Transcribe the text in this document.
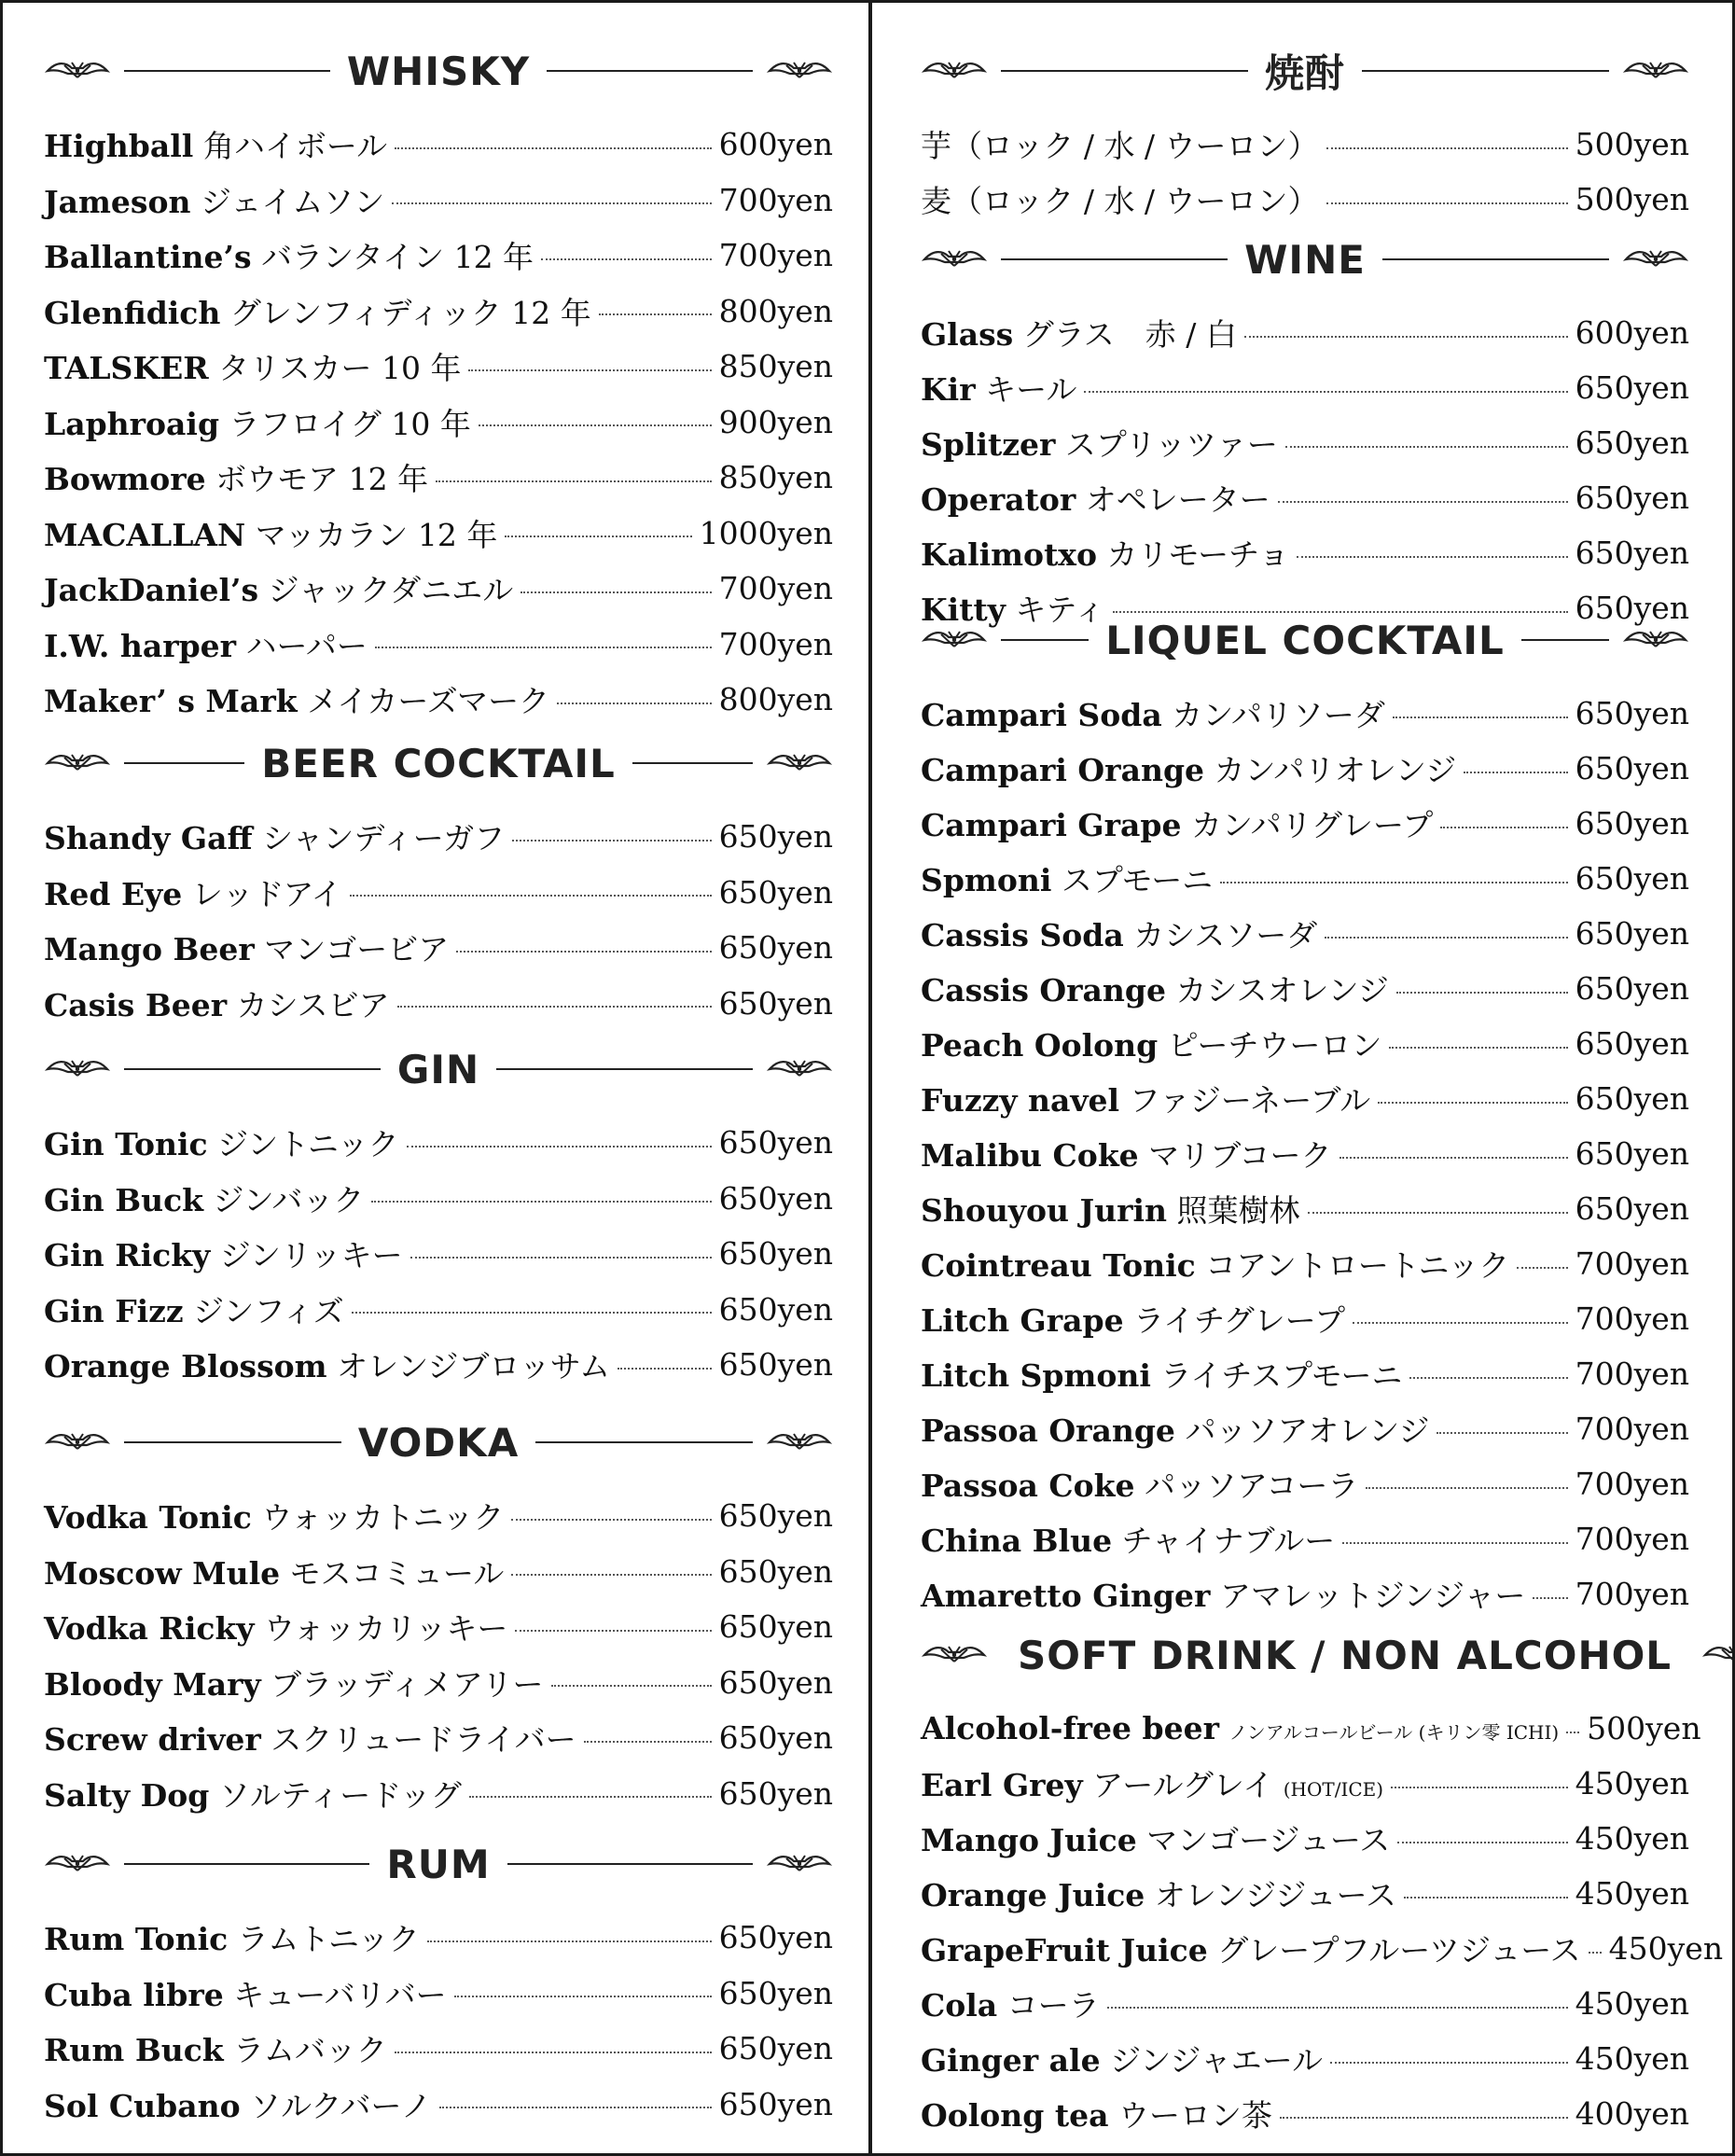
WHISKY
Highball 角ハイボール	600yen
Jameson ジェイムソン	700yen
Ballantine’s バランタイン 12 年	700yen
Glenfidich グレンフィディック 12 年	800yen
TALSKER タリスカー 10 年	850yen
Laphroaig ラフロイグ 10 年	900yen
Bowmore ボウモア 12 年	850yen
MACALLAN マッカラン 12 年	1000yen
JackDaniel’s ジャックダニエル	700yen
I.W. harper ハーパー	700yen
Maker’ s Mark メイカーズマーク	800yen
BEER COCKTAIL
Shandy Gaff シャンディーガフ	650yen
Red Eye レッドアイ	650yen
Mango Beer マンゴービア	650yen
Casis Beer カシスビア	650yen
GIN
Gin Tonic ジントニック	650yen
Gin Buck ジンバック	650yen
Gin Ricky ジンリッキー	650yen
Gin Fizz ジンフィズ	650yen
Orange Blossom オレンジブロッサム	650yen
VODKA
Vodka Tonic ウォッカトニック	650yen
Moscow Mule モスコミュール	650yen
Vodka Ricky ウォッカリッキー	650yen
Bloody Mary ブラッディメアリー	650yen
Screw driver スクリュードライバー	650yen
Salty Dog ソルティードッグ	650yen
RUM
Rum Tonic ラムトニック	650yen
Cuba libre キューバリバー	650yen
Rum Buck ラムバック	650yen
Sol Cubano ソルクバーノ	650yen
焼酎
芋（ロック / 水 / ウーロン）	500yen
麦（ロック / 水 / ウーロン）	500yen
WINE
Glass グラス　赤 / 白	600yen
Kir キール	650yen
Splitzer スプリッツァー	650yen
Operator オペレーター	650yen
Kalimotxo カリモーチョ	650yen
Kitty キティ	650yen
LIQUEL COCKTAIL
Campari Soda カンパリソーダ	650yen
Campari Orange カンパリオレンジ	650yen
Campari Grape カンパリグレープ	650yen
Spmoni スプモーニ	650yen
Cassis Soda カシスソーダ	650yen
Cassis Orange カシスオレンジ	650yen
Peach Oolong ピーチウーロン	650yen
Fuzzy navel ファジーネーブル	650yen
Malibu Coke マリブコーク	650yen
Shouyou Jurin 照葉樹林	650yen
Cointreau Tonic コアントロートニック 700yen
Litch Grape ライチグレープ	700yen
Litch Spmoni ライチスプモーニ	700yen
Passoa Orange パッソアオレンジ	700yen
Passoa Coke パッソアコーラ	700yen
China Blue チャイナブルー	700yen
Amaretto Ginger アマレットジンジャー 700yen
SOFT DRINK / NON ALCOHOL
Alcohol-free beer ノンアルコールビール (キリン零 ICHI) 500yen
Earl Grey アールグレイ (HOT/ICE)	450yen
Mango Juice マンゴージュース	450yen
Orange Juice オレンジジュース	450yen
GrapeFruit Juice グレープフルーツジュース 450yen
Cola コーラ	450yen
Ginger ale ジンジャエール	450yen
Oolong tea ウーロン茶	400yen
